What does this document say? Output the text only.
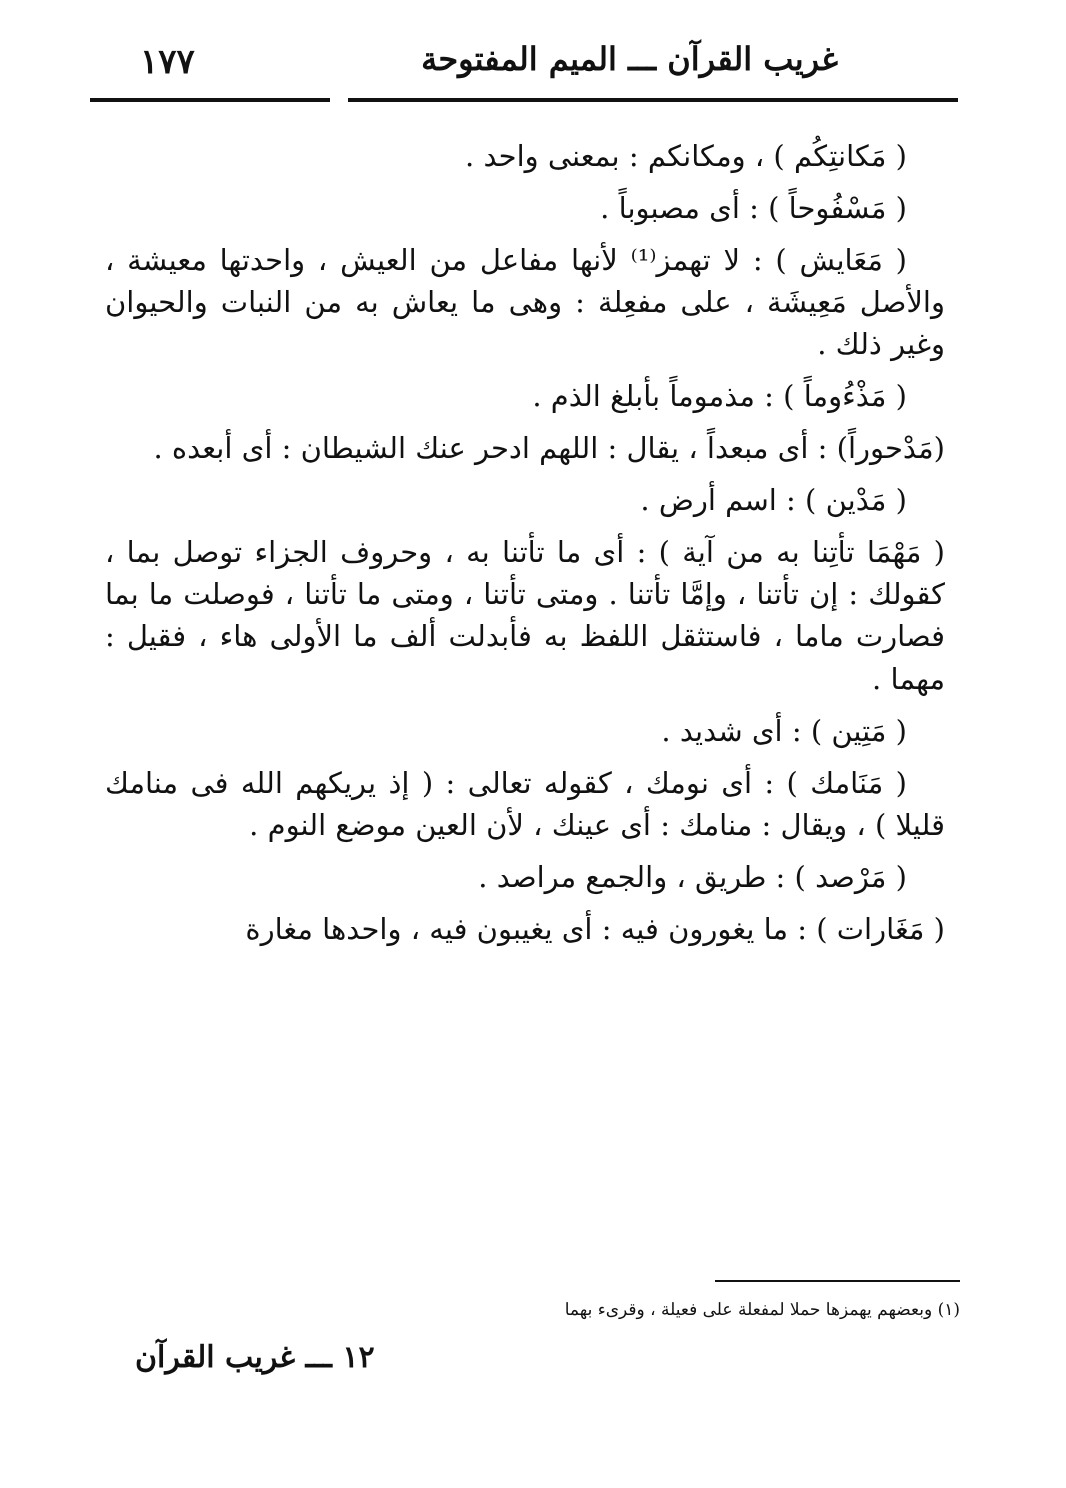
١٧٧	غريب القرآن ـــ الميم المفتوحة

( مَكانتِكُم ) ، ومكانكم : بمعنى واحد .

( مَسْفُوحاً ) : أى مصبوباً .

( مَعَايش ) : لا تهمز⁽¹⁾ لأنها مفاعل من العيش ، واحدتها معيشة ، والأصل مَعِيشَة ، على مفعِلة : وهى ما يعاش به من النبات والحيوان وغير ذلك .

( مَذْءُوماً ) : مذموماً بأبلغ الذم .

(مَدْحوراً) : أى مبعداً ، يقال : اللهم ادحر عنك الشيطان : أى أبعده .

( مَدْين ) : اسم أرض .

( مَهْمَا تأتِنا به من آية ) : أى ما تأتنا به ، وحروف الجزاء توصل بما ، كقولك : إن تأتنا ، وإمَّا تأتنا . ومتى تأتنا ، ومتى ما تأتنا ، فوصلت ما بما فصارت ماما ، فاستثقل اللفظ به فأبدلت ألف ما الأولى هاء ، فقيل : مهما .

( مَتِين ) : أى شديد .

( مَنَامك ) : أى نومك ، كقوله تعالى : ( إذ يريكهم الله فى منامك قليلا ) ، ويقال : منامك : أى عينك ، لأن العين موضع النوم .

( مَرْصد ) : طريق ، والجمع مراصد .

( مَغَارات ) : ما يغورون فيه : أى يغيبون فيه ، واحدها مغارة

(١) وبعضهم يهمزها حملا لمفعلة على فعيلة ، وقرىء بهما
١٢ ـــ غريب القرآن
